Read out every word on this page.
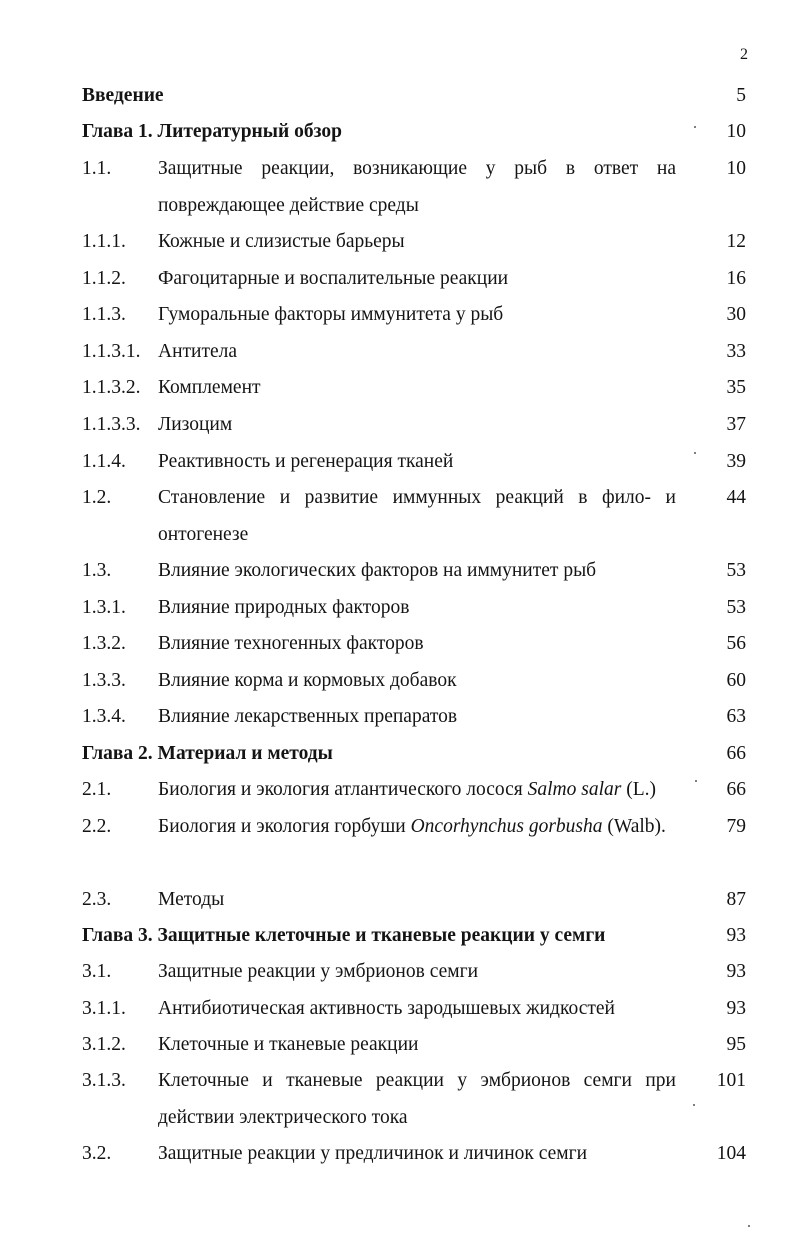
2
Введение	5
Глава 1. Литературный обзор	10
1.1. Защитные реакции, возникающие у рыб в ответ на повреждающее действие среды
10
1.1.1. Кожные и слизистые барьеры	12
1.1.2. Фагоцитарные и воспалительные реакции	16
1.1.3. Гуморальные факторы иммунитета у рыб	30
1.1.3.1. Антитела	33
1.1.3.2. Комплемент	35
1.1.3.3. Лизоцим	37
1.1.4. Реактивность и регенерация тканей	39
1.2. Становление и развитие иммунных реакций в фило- и онтогенезе
44
1.3. Влияние экологических факторов на иммунитет рыб	53
1.3.1. Влияние природных факторов	53
1.3.2. Влияние техногенных факторов	56
1.3.3. Влияние корма и кормовых добавок	60
1.3.4. Влияние лекарственных препаратов	63
Глава 2. Материал и методы	66
2.1. Биология и экология атлантического лосося Salmo salar (L.)	66
2.2. Биология и экология горбуши Oncorhynchus gorbusha (Walb).	79
2.3. Методы	87
Глава 3. Защитные клеточные и тканевые реакции у семги	93
3.1. Защитные реакции у эмбрионов семги	93
3.1.1. Антибиотическая активность зародышевых жидкостей	93
3.1.2. Клеточные и тканевые реакции	95
3.1.3. Клеточные и тканевые реакции у эмбрионов семги при действии электрического тока
101
3.2. Защитные реакции у предличинок и личинок семги	104
